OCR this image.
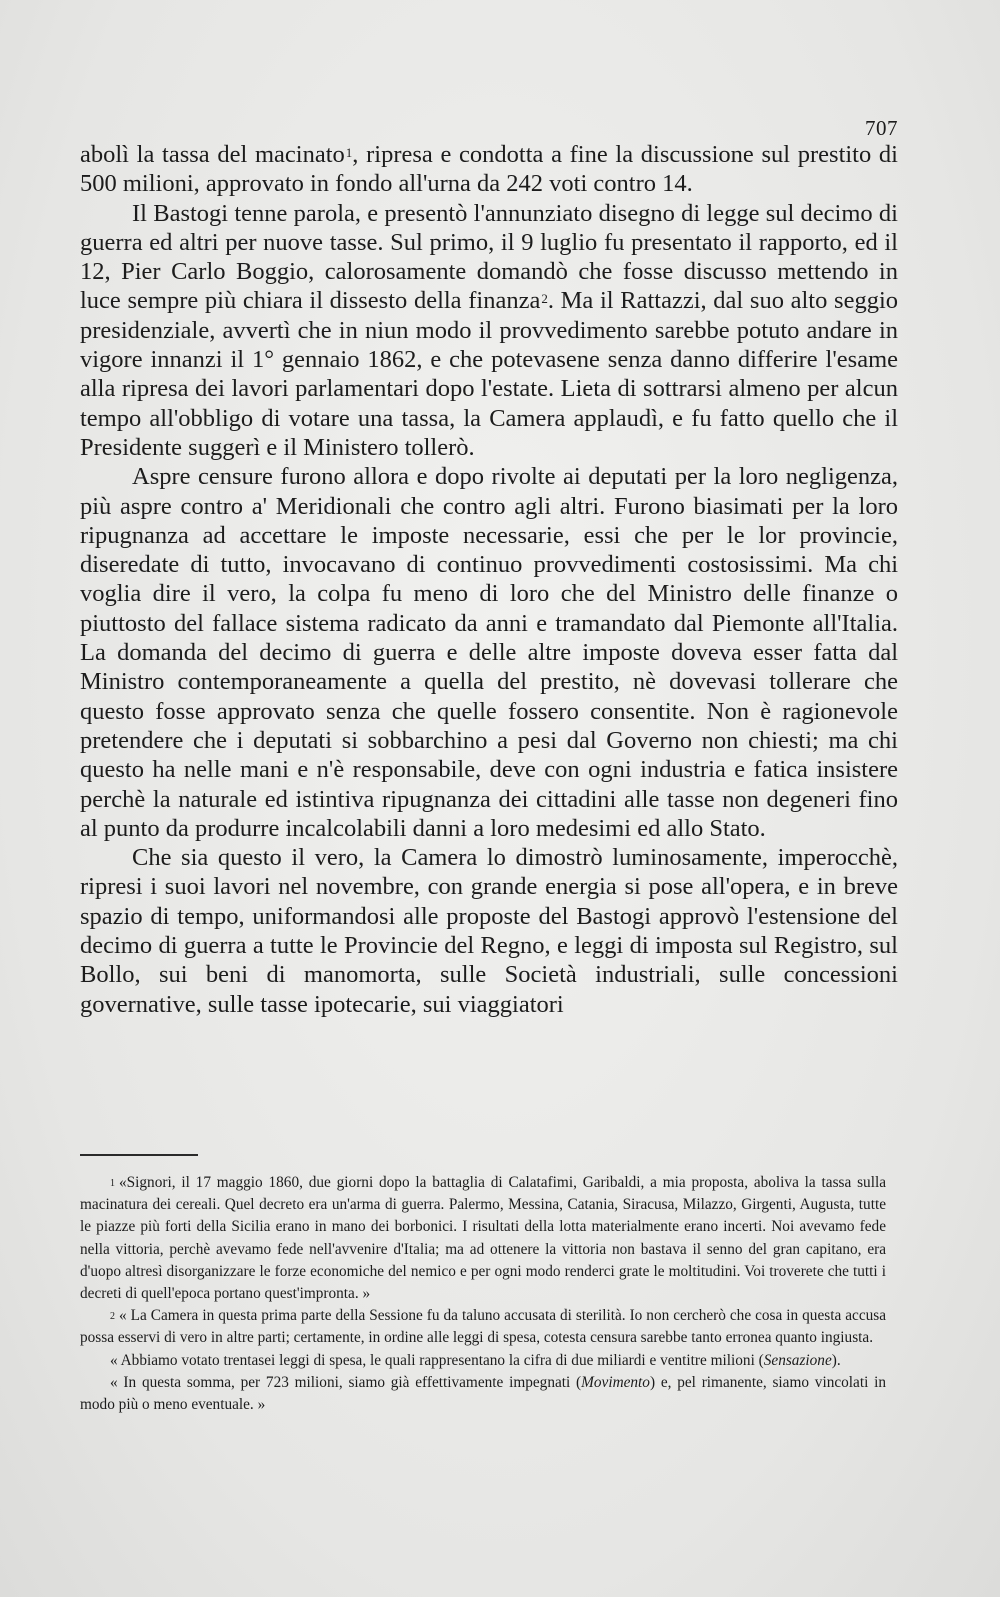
707

abolì la tassa del macinato$^1$, ripresa e condotta a fine la discussione sul prestito di 500 milioni, approvato in fondo all'urna da 242 voti contro 14.

Il Bastogi tenne parola, e presentò l'annunziato disegno di legge sul decimo di guerra ed altri per nuove tasse. Sul primo, il 9 luglio fu presentato il rapporto, ed il 12, Pier Carlo Boggio, calorosamente domandò che fosse discusso mettendo in luce sempre più chiara il dissesto della finanza$^2$. Ma il Rattazzi, dal suo alto seggio presidenziale, avvertì che in niun modo il provvedimento sarebbe potuto andare in vigore innanzi il 1° gennaio 1862, e che potevasene senza danno differire l'esame alla ripresa dei lavori parlamentari dopo l'estate. Lieta di sottrarsi almeno per alcun tempo all'obbligo di votare una tassa, la Camera applaudì, e fu fatto quello che il Presidente suggerì e il Ministero tollerò.

Aspre censure furono allora e dopo rivolte ai deputati per la loro negligenza, più aspre contro a' Meridionali che contro agli altri. Furono biasimati per la loro ripugnanza ad accettare le imposte necessarie, essi che per le lor provincie, diseredate di tutto, invocavano di continuo provvedimenti costosissimi. Ma chi voglia dire il vero, la colpa fu meno di loro che del Ministro delle finanze o piuttosto del fallace sistema radicato da anni e tramandato dal Piemonte all'Italia. La domanda del decimo di guerra e delle altre imposte doveva esser fatta dal Ministro contemporaneamente a quella del prestito, nè dovevasi tollerare che questo fosse approvato senza che quelle fossero consentite. Non è ragionevole pretendere che i deputati si sobbarchino a pesi dal Governo non chiesti; ma chi questo ha nelle mani e n'è responsabile, deve con ogni industria e fatica insistere perchè la naturale ed istintiva ripugnanza dei cittadini alle tasse non degeneri fino al punto da produrre incalcolabili danni a loro medesimi ed allo Stato.

Che sia questo il vero, la Camera lo dimostrò luminosamente, imperocchè, ripresi i suoi lavori nel novembre, con grande energia si pose all'opera, e in breve spazio di tempo, uniformandosi alle proposte del Bastogi approvò l'estensione del decimo di guerra a tutte le Provincie del Regno, e leggi di imposta sul Registro, sul Bollo, sui beni di manomorta, sulle Società industriali, sulle concessioni governative, sulle tasse ipotecarie, sui viaggiatori

$^1$ «Signori, il 17 maggio 1860, due giorni dopo la battaglia di Calatafimi, Garibaldi, a mia proposta, aboliva la tassa sulla macinatura dei cereali. Quel decreto era un'arma di guerra. Palermo, Messina, Catania, Siracusa, Milazzo, Girgenti, Augusta, tutte le piazze più forti della Sicilia erano in mano dei borbonici. I risultati della lotta materialmente erano incerti. Noi avevamo fede nella vittoria, perchè avevamo fede nell'avvenire d'Italia; ma ad ottenere la vittoria non bastava il senno del gran capitano, era d'uopo altresì disorganizzare le forze economiche del nemico e per ogni modo renderci grate le moltitudini. Voi troverete che tutti i decreti di quell'epoca portano quest'impronta. »

$^2$ « La Camera in questa prima parte della Sessione fu da taluno accusata di sterilità. Io non cercherò che cosa in questa accusa possa esservi di vero in altre parti; certamente, in ordine alle leggi di spesa, cotesta censura sarebbe tanto erronea quanto ingiusta.

« Abbiamo votato trentasei leggi di spesa, le quali rappresentano la cifra di due miliardi e ventitre milioni (Sensazione).

« In questa somma, per 723 milioni, siamo già effettivamente impegnati (Movimento) e, pel rimanente, siamo vincolati in modo più o meno eventuale. »
